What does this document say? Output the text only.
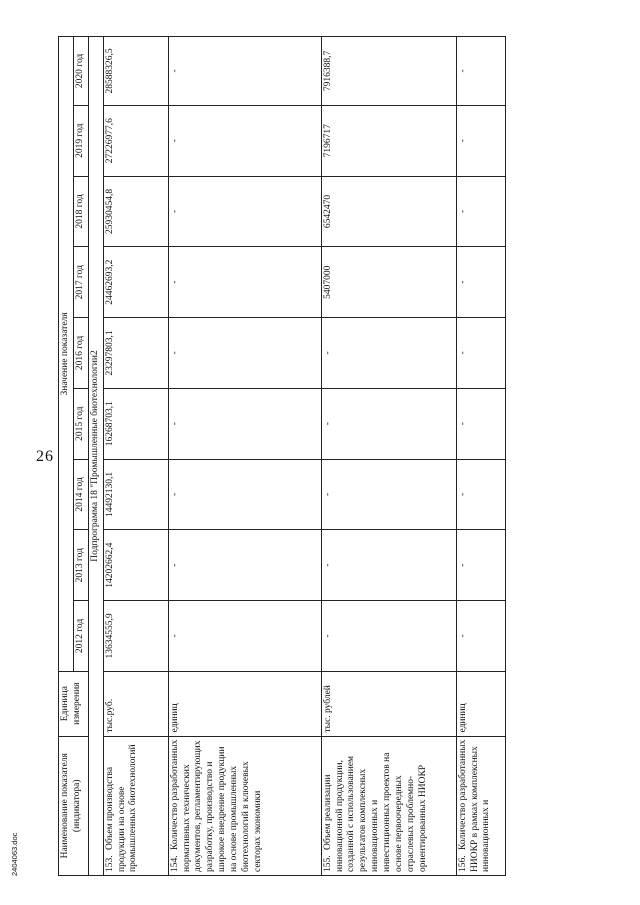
26
Наименование показателя (индикатора)	Единица измерения	Значение показателя								
		2012 год	2013 год	2014 год	2015 год	2016 год	2017 год	2018 год	2019 год	2020 год
Подпрограмма 18 "Промышленные биотехнологии2										
153.Объем производства продукции на основе промышленных биотехнологий	тыс.руб.	13634555,9	14202662,4	14492130,1	16268703,1	23297803,1	24462693,2	25930454,8	27226977,6	28588326,5
154.Количество разработанных нормативных технических документов, регламентирующих разработку, производство и широкое внедрение продукции на основе промышленных биотехнологий в ключевых секторах экономики	единиц	-	-	-	-	-	-	-	-	-
155.Объем реализации инновационной продукции, созданной с использованием результатов комплексных инновационных и инвестиционных проектов на основе первоочередных отраслевых проблемно-ориентированных НИОКР	тыс. рублей	-	-	-	-	-	5407000	6542470	7196717	7916388,7
156.Количество разработанных НИОКР в рамках комплексных инновационных и	единиц	-	-	-	-	-	-	-	-	-
2404063.doc
